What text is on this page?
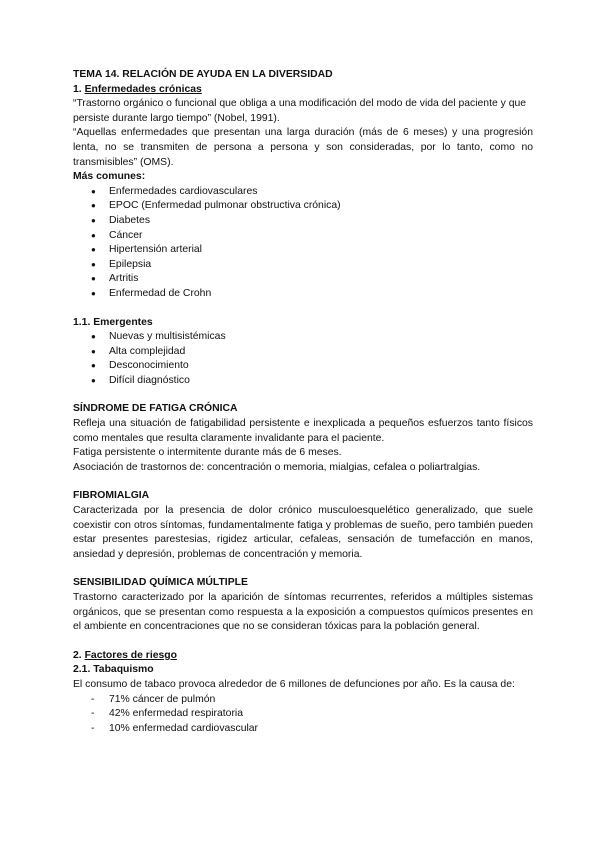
TEMA 14. RELACIÓN DE AYUDA EN LA DIVERSIDAD

1. Enfermedades crónicas

“Trastorno orgánico o funcional que obliga a una modificación del modo de vida del paciente y que persiste durante largo tiempo” (Nobel, 1991).

“Aquellas enfermedades que presentan una larga duración (más de 6 meses) y una progresión lenta, no se transmiten de persona a persona y son consideradas, por lo tanto, como no transmisibles” (OMS).

Más comunes:

● Enfermedades cardiovasculares
● EPOC (Enfermedad pulmonar obstructiva crónica)
● Diabetes
● Cáncer
● Hipertensión arterial
● Epilepsia
● Artritis
● Enfermedad de Crohn

1.1. Emergentes

● Nuevas y multisistémicas
● Alta complejidad
● Desconocimiento
● Difícil diagnóstico

SÍNDROME DE FATIGA CRÓNICA

Refleja una situación de fatigabilidad persistente e inexplicada a pequeños esfuerzos tanto físicos como mentales que resulta claramente invalidante para el paciente.

Fatiga persistente o intermitente durante más de 6 meses.

Asociación de trastornos de: concentración o memoria, mialgias, cefalea o poliartralgias.

FIBROMIALGIA

Caracterizada por la presencia de dolor crónico musculoesquelético generalizado, que suele coexistir con otros síntomas, fundamentalmente fatiga y problemas de sueño, pero también pueden estar presentes parestesias, rigidez articular, cefaleas, sensación de tumefacción en manos, ansiedad y depresión, problemas de concentración y memoria.

SENSIBILIDAD QUÍMICA MÚLTIPLE

Trastorno caracterizado por la aparición de síntomas recurrentes, referidos a múltiples sistemas orgánicos, que se presentan como respuesta a la exposición a compuestos químicos presentes en el ambiente en concentraciones que no se consideran tóxicas para la población general.

2. Factores de riesgo

2.1. Tabaquismo

El consumo de tabaco provoca alrededor de 6 millones de defunciones por año. Es la causa de:

- 71% cáncer de pulmón
- 42% enfermedad respiratoria
- 10% enfermedad cardiovascular
